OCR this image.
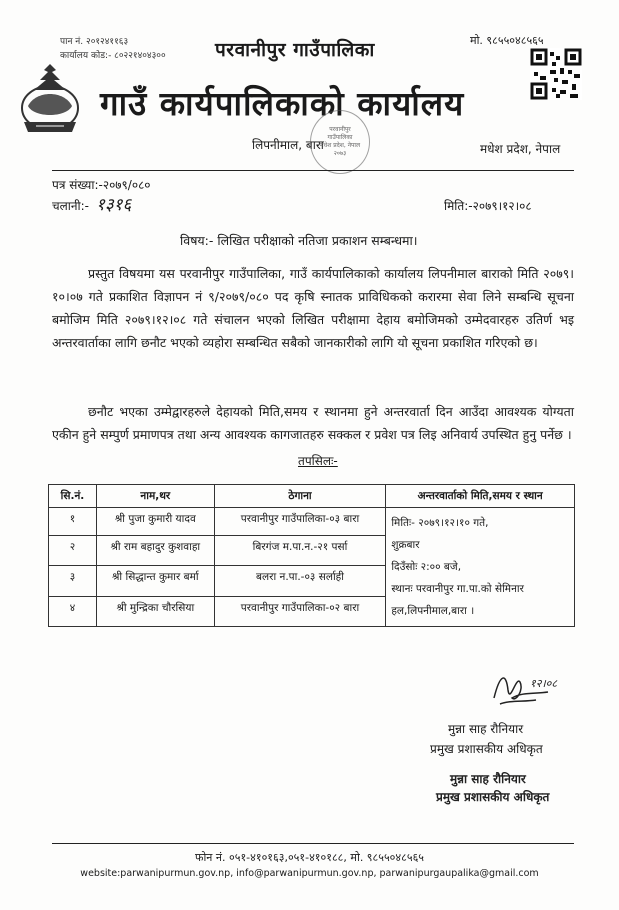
पान नं. २०१२४११६३
कार्यालय कोड:- ८०२२१४०४३००	परवानीपुर गाउँपालिका
गाउँ कार्यपालिकाको कार्यालय
मो. ९८५५०४८५६५
लिपनीमाल, बारा	मधेश प्रदेश, नेपाल
परवानीपुर गाउँपालिका
मधेश प्रदेश, नेपाल
२०७३
पत्र संख्या:-२०७९/०८०
चलानी:- १३१६	मिति:-२०७९।१२।०८
विषय:- लिखित परीक्षाको नतिजा प्रकाशन सम्बन्धमा।
प्रस्तुत विषयमा यस परवानीपुर गाउँपालिका, गाउँ कार्यपालिकाको कार्यालय लिपनीमाल बाराको मिति २०७९।१०।०७ गते प्रकाशित विज्ञापन नं ९/२०७९/०८० पद कृषि स्नातक प्राविधिकको करारमा सेवा लिने सम्बन्धि सूचना बमोजिम मिति २०७९।१२।०८ गते संचालन भएको लिखित परीक्षामा देहाय बमोजिमको उम्मेदवारहरु उतिर्ण भइ अन्तरवार्ताका लागि छनौट भएको व्यहोरा सम्बन्धित सबैको जानकारीको लागि यो सूचना प्रकाशित गरिएको छ।
छनौट भएका उम्मेद्वारहरुले देहायको मिति,समय र स्थानमा हुने अन्तरवार्ता दिन आउँदा आवश्यक योग्यता एकीन हुने सम्पुर्ण प्रमाणपत्र तथा अन्य आवश्यक कागजातहरु सक्कल र प्रवेश पत्र लिइ अनिवार्य उपस्थित हुनु पर्नेछ ।
तपसिलः-
सि.नं.	नाम,थर	ठेगाना	अन्तरवार्ताको मिति,समय र स्थान
१	श्री पुजा कुमारी यादव	परवानीपुर गाउँपालिका-०३ बारा	मितिः- २०७९।१२।१० गते,
शुक्रबार
दिउँसोः २:०० बजे,
स्थानः परवानीपुर गा.पा.को सेमिनार हल,लिपनीमाल,बारा ।

२	श्री राम बहादुर कुशवाहा	बिरगंज म.पा.न.-२१ पर्सा	
३	श्री सिद्धान्त कुमार बर्मा	बलरा न.पा.-०३ सर्लाही	
४	श्री मुन्द्रिका चौरसिया	परवानीपुर गाउँपालिका-०२ बारा	
१२।०८
मुन्ना साह रौनियार
प्रमुख प्रशासकीय अधिकृत
मुन्ना साह रौनियार
प्रमुख प्रशासकीय अधिकृत
फोन नं. ०५१-४१०१६३,०५१-४१०१८८, मो. ९८५५०४८५६५
website:parwanipurmun.gov.np, info@parwanipurmun.gov.np, parwanipurgaupalika@gmail.com
